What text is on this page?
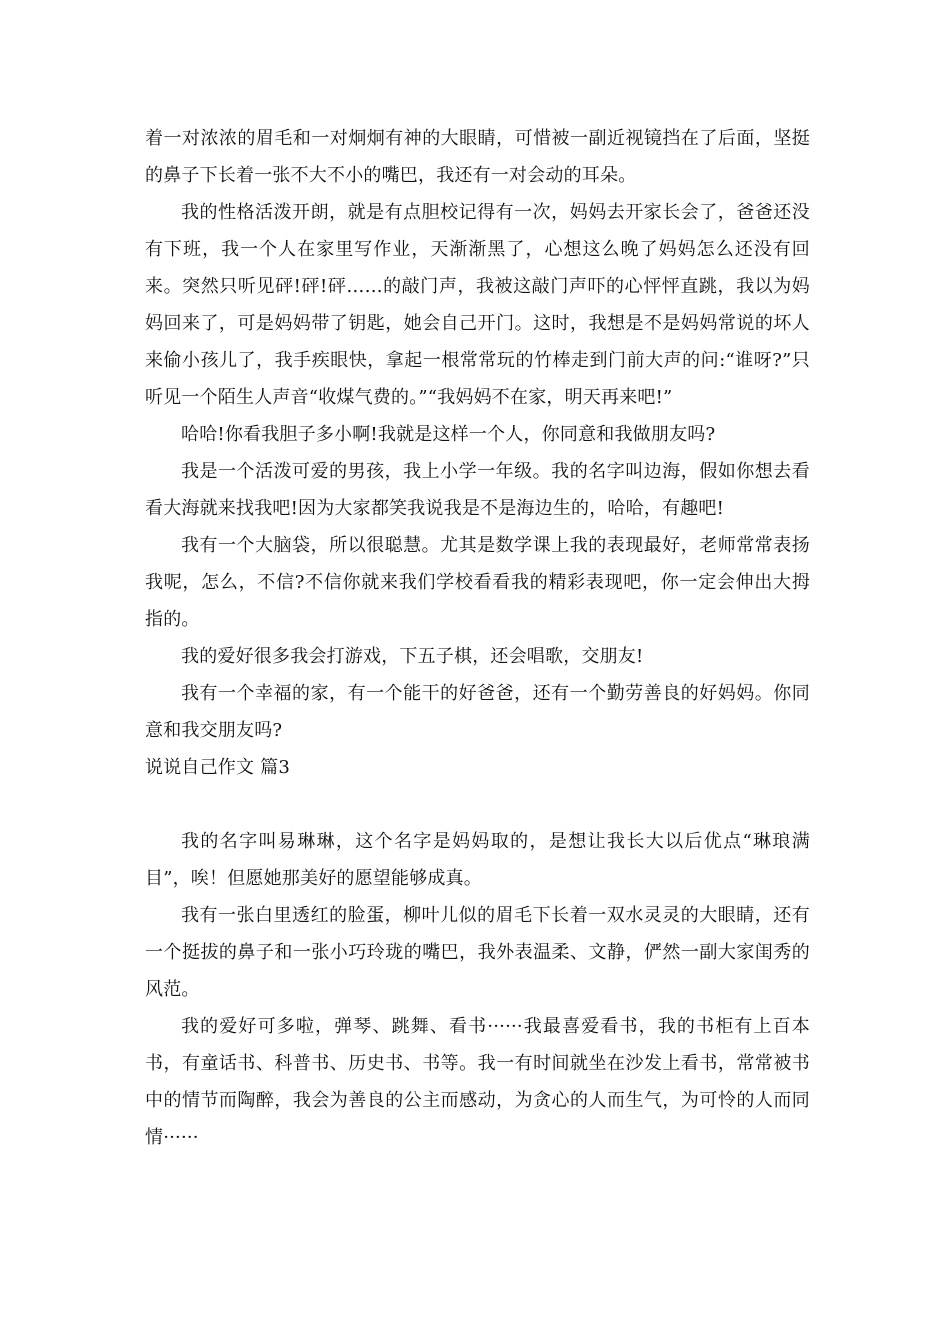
着一对浓浓的眉毛和一对炯炯有神的大眼睛，可惜被一副近视镜挡在了后面，坚挺的鼻子下长着一张不大不小的嘴巴，我还有一对会动的耳朵。

我的性格活泼开朗，就是有点胆校记得有一次，妈妈去开家长会了，爸爸还没有下班，我一个人在家里写作业，天渐渐黑了，心想这么晚了妈妈怎么还没有回来。突然只听见砰!砰!砰……的敲门声，我被这敲门声吓的心怦怦直跳，我以为妈妈回来了，可是妈妈带了钥匙，她会自己开门。这时，我想是不是妈妈常说的坏人来偷小孩儿了，我手疾眼快，拿起一根常常玩的竹棒走到门前大声的问:“谁呀?”只听见一个陌生人声音“收煤气费的。”“我妈妈不在家，明天再来吧!”

哈哈!你看我胆子多小啊!我就是这样一个人，你同意和我做朋友吗?

我是一个活泼可爱的男孩，我上小学一年级。我的名字叫边海，假如你想去看看大海就来找我吧!因为大家都笑我说我是不是海边生的，哈哈，有趣吧!

我有一个大脑袋，所以很聪慧。尤其是数学课上我的表现最好，老师常常表扬我呢，怎么，不信?不信你就来我们学校看看我的精彩表现吧，你一定会伸出大拇指的。

我的爱好很多我会打游戏，下五子棋，还会唱歌，交朋友!

我有一个幸福的家，有一个能干的好爸爸，还有一个勤劳善良的好妈妈。你同意和我交朋友吗?

说说自己作文 篇3

我的名字叫易琳琳，这个名字是妈妈取的，是想让我长大以后优点“琳琅满目”，唉！但愿她那美好的愿望能够成真。

我有一张白里透红的脸蛋，柳叶儿似的眉毛下长着一双水灵灵的大眼睛，还有一个挺拔的鼻子和一张小巧玲珑的嘴巴，我外表温柔、文静，俨然一副大家闺秀的风范。

我的爱好可多啦，弹琴、跳舞、看书······我最喜爱看书，我的书柜有上百本书，有童话书、科普书、历史书、书等。我一有时间就坐在沙发上看书，常常被书中的情节而陶醉，我会为善良的公主而感动，为贪心的人而生气，为可怜的人而同情······
